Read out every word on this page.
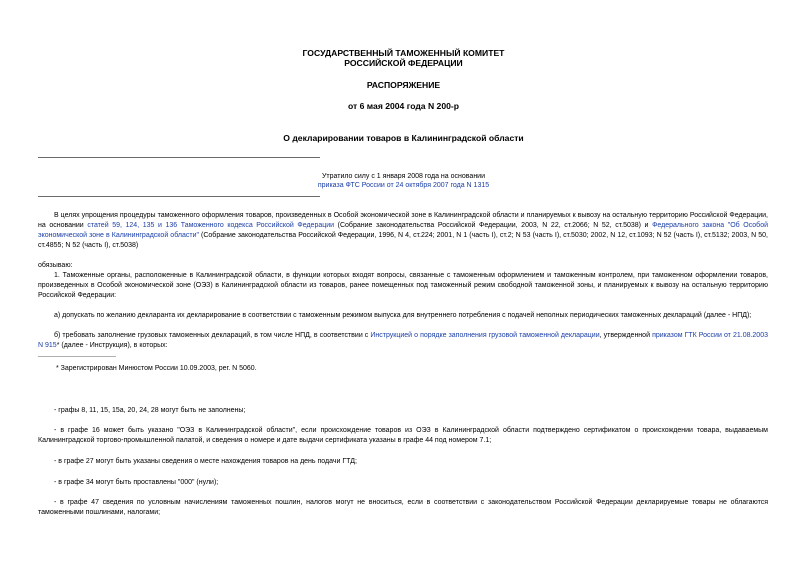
ГОСУДАРСТВЕННЫЙ ТАМОЖЕННЫЙ КОМИТЕТ
РОССИЙСКОЙ ФЕДЕРАЦИИ
РАСПОРЯЖЕНИЕ
от 6 мая 2004 года N 200-р
О декларировании товаров в Калининградской области
Утратило силу с 1 января 2008 года на основании
приказа ФТС России от 24 октября 2007 года N 1315
В целях упрощения процедуры таможенного оформления товаров, произведенных в Особой экономической зоне в Калининградской области и планируемых к вывозу на остальную территорию Российской Федерации, на основании статей 59, 124, 135 и 136 Таможенного кодекса Российской Федерации (Собрание законодательства Российской Федерации, 2003, N 22, ст.2066; N 52, ст.5038) и Федерального закона "Об Особой экономической зоне в Калининградской области" (Собрание законодательства Российской Федерации, 1996, N 4, ст.224; 2001, N 1 (часть I), ст.2; N 53 (часть I), ст.5030; 2002, N 12, ст.1093; N 52 (часть I), ст.5132; 2003, N 50, ст.4855; N 52 (часть I), ст.5038)
обязываю:
1. Таможенные органы, расположенные в Калининградской области, в функции которых входят вопросы, связанные с таможенным оформлением и таможенным контролем, при таможенном оформлении товаров, произведенных в Особой экономической зоне (ОЭЗ) в Калининградской области из товаров, ранее помещенных под таможенный режим свободной таможенной зоны, и планируемых к вывозу на остальную территорию Российской Федерации:
а) допускать по желанию декларанта их декларирование в соответствии с таможенным режимом выпуска для внутреннего потребления с подачей неполных периодических таможенных деклараций (далее - НПД);
б) требовать заполнение грузовых таможенных деклараций, в том числе НПД, в соответствии с Инструкцией о порядке заполнения грузовой таможенной декларации, утвержденной приказом ГТК России от 21.08.2003 N 915* (далее - Инструкция), в которых:
____________________
* Зарегистрирован Минюстом России 10.09.2003, рег. N 5060.
- графы 8, 11, 15, 15а, 20, 24, 28 могут быть не заполнены;
- в графе 16 может быть указано "ОЭЗ в Калининградской области", если происхождение товаров из ОЭЗ в Калининградской области подтверждено сертификатом о происхождении товара, выдаваемым Калининградской торгово-промышленной палатой, и сведения о номере и дате выдачи сертификата указаны в графе 44 под номером 7.1;
- в графе 27 могут быть указаны сведения о месте нахождения товаров на день подачи ГТД;
- в графе 34 могут быть проставлены "000" (нули);
- в графе 47 сведения по условным начислениям таможенных пошлин, налогов могут не вноситься, если в соответствии с законодательством Российской Федерации декларируемые товары не облагаются таможенными пошлинами, налогами;
